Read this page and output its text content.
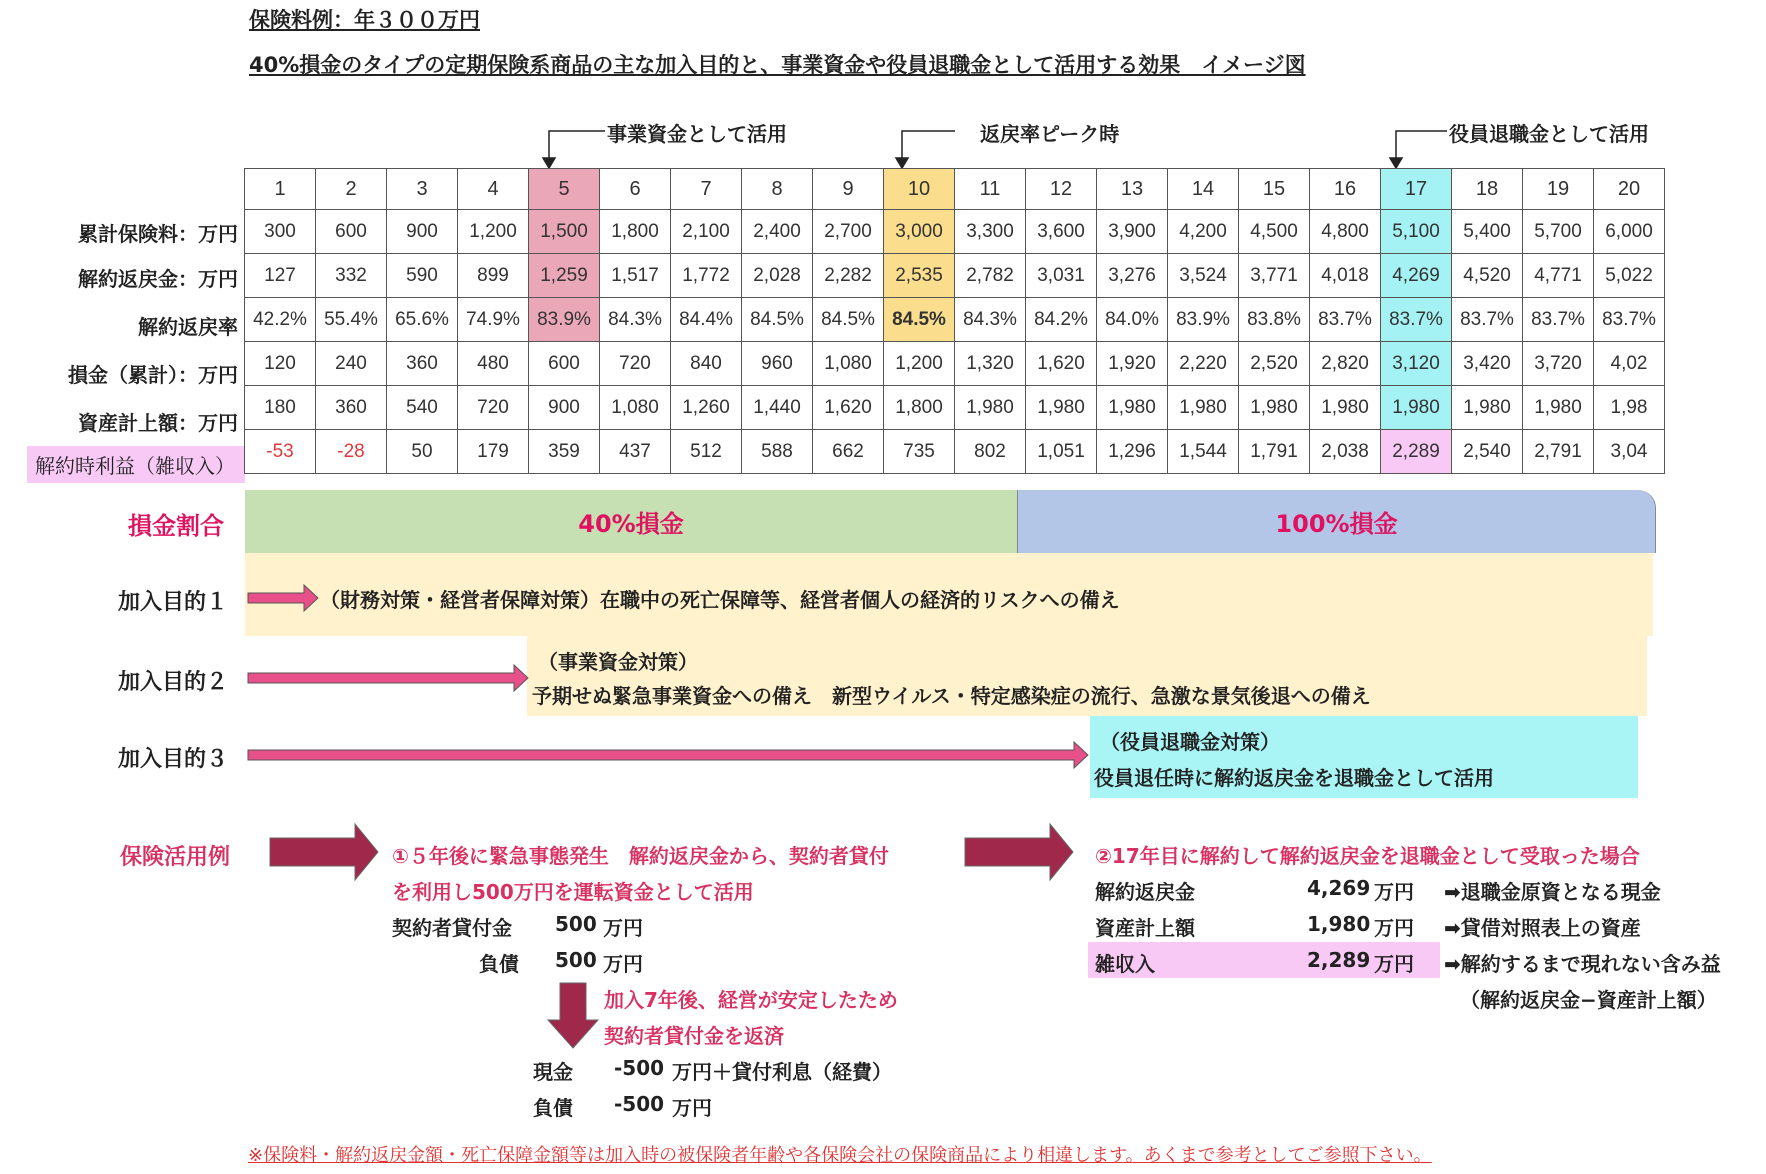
保険料例：年３００万円
40%損金のタイプの定期保険系商品の主な加入目的と、事業資金や役員退職金として活用する効果　イメージ図
事業資金として活用	返戻率ピーク時	役員退職金として活用
累計保険料：万円
解約返戻金：万円
解約返戻率
損金（累計）：万円
資産計上額：万円
解約時利益（雑収入）
1	2	3	4	5	6	7	8	9	10	11	12	13	14	15	16	17	18	19	20
300	600	900	1,200	1,500	1,800	2,100	2,400	2,700	3,000	3,300	3,600	3,900	4,200	4,500	4,800	5,100	5,400	5,700	6,000
127	332	590	899	1,259	1,517	1,772	2,028	2,282	2,535	2,782	3,031	3,276	3,524	3,771	4,018	4,269	4,520	4,771	5,022
42.2%	55.4%	65.6%	74.9%	83.9%	84.3%	84.4%	84.5%	84.5%	84.5%	84.3%	84.2%	84.0%	83.9%	83.8%	83.7%	83.7%	83.7%	83.7%	83.7%
120	240	360	480	600	720	840	960	1,080	1,200	1,320	1,620	1,920	2,220	2,520	2,820	3,120	3,420	3,720	4,02
180	360	540	720	900	1,080	1,260	1,440	1,620	1,800	1,980	1,980	1,980	1,980	1,980	1,980	1,980	1,980	1,980	1,98
-53	-28	50	179	359	437	512	588	662	735	802	1,051	1,296	1,544	1,791	2,038	2,289	2,540	2,791	3,04
損金割合	40%損金	100%損金
加入目的１	（財務対策・経営者保障対策）在職中の死亡保障等、経営者個人の経済的リスクへの備え
加入目的２
（事業資金対策）
予期せぬ緊急事業資金への備え　新型ウイルス・特定感染症の流行、急激な景気後退への備え
加入目的３
（役員退職金対策）
役員退任時に解約返戻金を退職金として活用
保険活用例	①５年後に緊急事態発生　解約返戻金から、契約者貸付
を利用し500万円を運転資金として活用
契約者貸付金 500 万円
負債 500 万円
加入7年後、経営が安定したため
契約者貸付金を返済
現金 -500 万円＋貸付利息（経費）
負債 -500 万円
②17年目に解約して解約返戻金を退職金として受取った場合
解約返戻金	4,269 万円 ➡退職金原資となる現金
資産計上額	1,980 万円 ➡貸借対照表上の資産
雑収入	2,289 万円 ➡解約するまで現れない含み益
（解約返戻金−資産計上額）
※保険料・解約返戻金額・死亡保障金額等は加入時の被保険者年齢や各保険会社の保険商品により相違します。あくまで参考としてご参照下さい。
